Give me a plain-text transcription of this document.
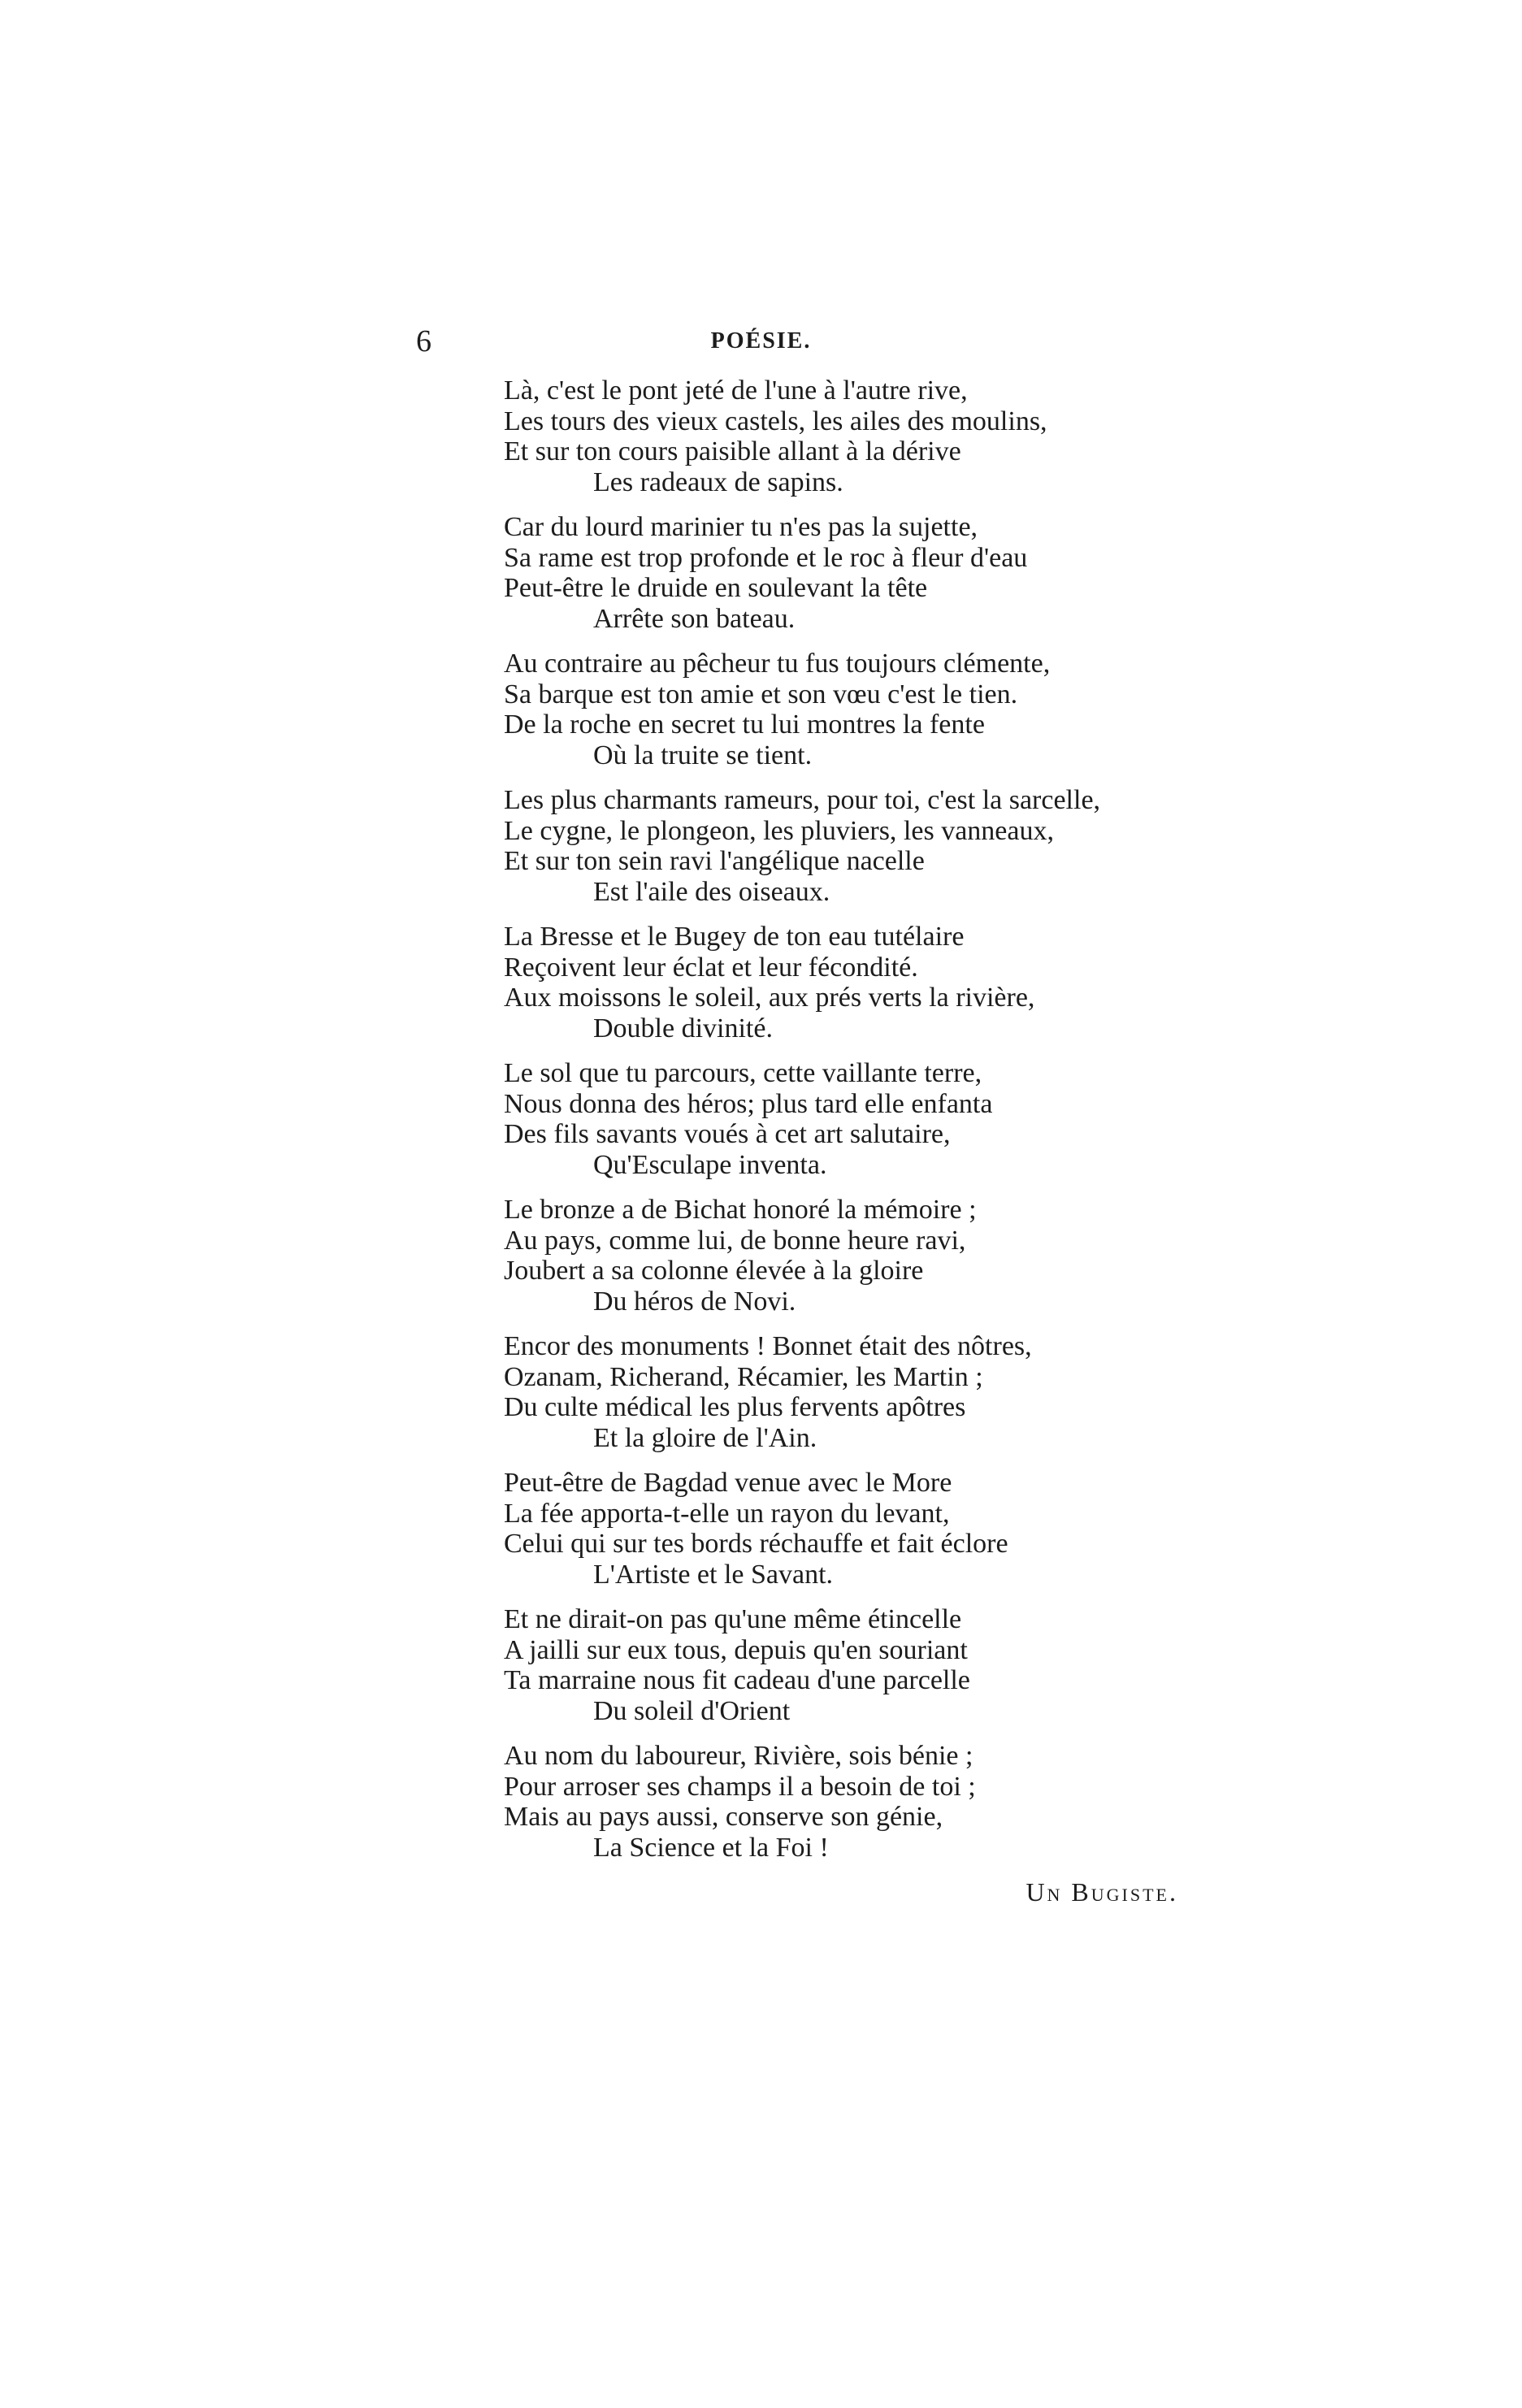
6	POÉSIE.
Là, c'est le pont jeté de l'une à l'autre rive,
Les tours des vieux castels, les ailes des moulins,
Et sur ton cours paisible allant à la dérive
Les radeaux de sapins.
Car du lourd marinier tu n'es pas la sujette,
Sa rame est trop profonde et le roc à fleur d'eau
Peut-être le druide en soulevant la tête
Arrête son bateau.
Au contraire au pêcheur tu fus toujours clémente,
Sa barque est ton amie et son vœu c'est le tien.
De la roche en secret tu lui montres la fente
Où la truite se tient.
Les plus charmants rameurs, pour toi, c'est la sarcelle,
Le cygne, le plongeon, les pluviers, les vanneaux,
Et sur ton sein ravi l'angélique nacelle
Est l'aile des oiseaux.
La Bresse et le Bugey de ton eau tutélaire
Reçoivent leur éclat et leur fécondité.
Aux moissons le soleil, aux prés verts la rivière,
Double divinité.
Le sol que tu parcours, cette vaillante terre,
Nous donna des héros; plus tard elle enfanta
Des fils savants voués à cet art salutaire,
Qu'Esculape inventa.
Le bronze a de Bichat honoré la mémoire ;
Au pays, comme lui, de bonne heure ravi,
Joubert a sa colonne élevée à la gloire
Du héros de Novi.
Encor des monuments ! Bonnet était des nôtres,
Ozanam, Richerand, Récamier, les Martin ;
Du culte médical les plus fervents apôtres
Et la gloire de l'Ain.
Peut-être de Bagdad venue avec le More
La fée apporta-t-elle un rayon du levant,
Celui qui sur tes bords réchauffe et fait éclore
L'Artiste et le Savant.
Et ne dirait-on pas qu'une même étincelle
A jailli sur eux tous, depuis qu'en souriant
Ta marraine nous fit cadeau d'une parcelle
Du soleil d'Orient
Au nom du laboureur, Rivière, sois bénie ;
Pour arroser ses champs il a besoin de toi ;
Mais au pays aussi, conserve son génie,
La Science et la Foi !
Un Bugiste.
